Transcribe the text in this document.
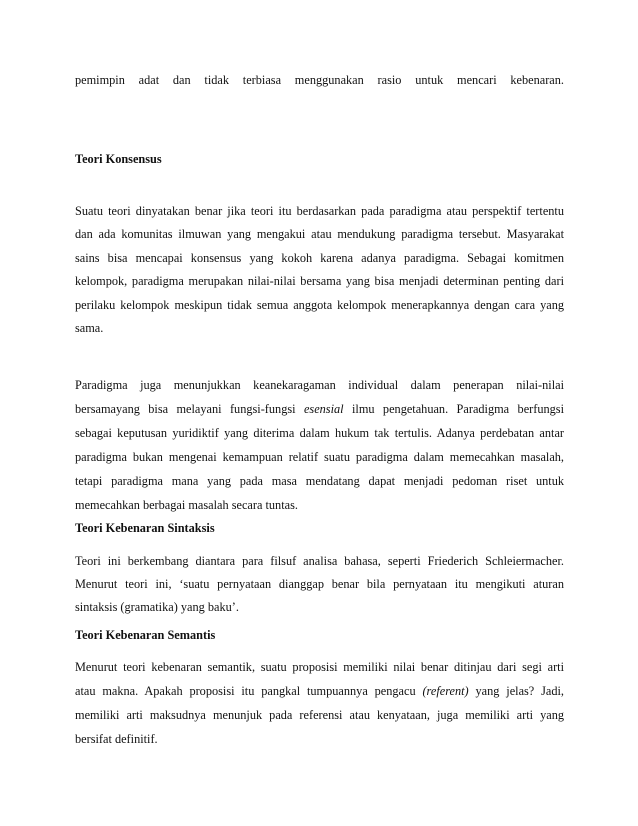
pemimpin adat dan tidak terbiasa menggunakan rasio untuk mencari kebenaran.
Teori Konsensus
Suatu teori dinyatakan benar jika teori itu berdasarkan pada paradigma atau perspektif tertentu
dan ada komunitas ilmuwan yang mengakui atau mendukung paradigma tersebut. Masyarakat
sains bisa mencapai konsensus yang kokoh karena adanya paradigma. Sebagai komitmen
kelompok, paradigma merupakan nilai-nilai bersama yang bisa menjadi determinan penting dari
perilaku kelompok meskipun tidak semua anggota kelompok menerapkannya dengan cara yang
sama.
Paradigma juga menunjukkan keanekaragaman individual dalam penerapan nilai-nilai
bersamayang bisa melayani fungsi-fungsi esensial ilmu pengetahuan. Paradigma berfungsi
sebagai keputusan yuridiktif yang diterima dalam hukum tak tertulis. Adanya perdebatan antar
paradigma bukan mengenai kemampuan relatif suatu paradigma dalam memecahkan masalah,
tetapi paradigma mana yang pada masa mendatang dapat menjadi pedoman riset untuk
memecahkan berbagai masalah secara tuntas.
Teori Kebenaran Sintaksis
Teori ini berkembang diantara para filsuf analisa bahasa, seperti Friederich Schleiermacher.
Menurut teori ini, ‘suatu pernyataan dianggap benar bila pernyataan itu mengikuti aturan
sintaksis (gramatika) yang baku’.
Teori Kebenaran Semantis
Menurut teori kebenaran semantik, suatu proposisi memiliki nilai benar ditinjau dari segi arti
atau makna. Apakah proposisi itu pangkal tumpuannya pengacu (referent) yang jelas? Jadi,
memiliki arti maksudnya menunjuk pada referensi atau kenyataan, juga memiliki arti yang
bersifat definitif.
